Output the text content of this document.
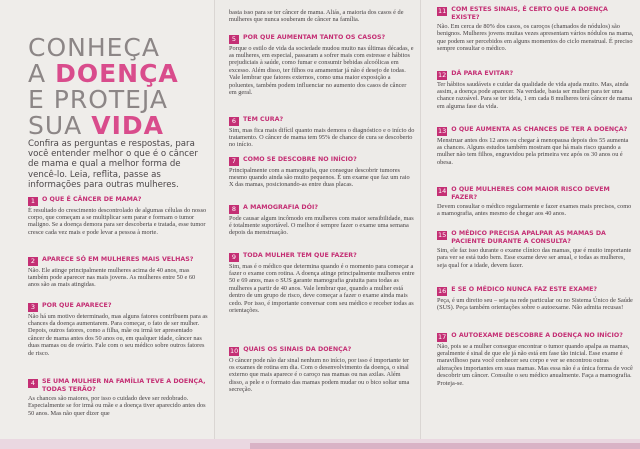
CONHEÇA
A DOENÇA
E PROTEJA
SUA VIDA

Confira as perguntas e respostas, para você entender melhor o que é o câncer de mama e qual a melhor forma de vencê-lo. Leia, reflita, passe as informações para outras mulheres.

1	O QUE É CÂNCER DE MAMA?
É resultado do crescimento descontrolado de algumas células do nosso corpo, que começam a se multiplicar sem parar e formam o tumor maligno. Se a doença demora para ser descoberta e tratada, esse tumor cresce cada vez mais e pode levar a pessoa à morte.
2	APARECE SÓ EM MULHERES MAIS VELHAS?
Não. Ele atinge principalmente mulheres acima de 40 anos, mas também pode aparecer nas mais jovens. As mulheres entre 50 e 60 anos são as mais atingidas.
3	POR QUE APARECE?
Não há um motivo determinado, mas alguns fatores contribuem para as chances da doença aumentarem. Para começar, o fato de ser mulher. Depois, outros fatores, como a filha, mãe ou irmã ter apresentado câncer de mama antes dos 50 anos ou, em qualquer idade, câncer nas duas mamas ou de ovário. Fale com o seu médico sobre outros fatores de risco.
4	SE UMA MULHER NA FAMÍLIA TEVE A DOENÇA, TODAS TERÃO?
As chances são maiores, por isso o cuidado deve ser redobrado. Especialmente se for irmã ou mãe e a doença tiver aparecido antes dos 50 anos. Mas não quer dizer que
basta isso para se ter câncer de mama. Aliás, a maioria dos casos é de mulheres que nunca souberam de câncer na família.
5	POR QUE AUMENTAM TANTO OS CASOS?
Porque o estilo de vida da sociedade mudou muito nas últimas décadas, e as mulheres, em especial, passaram a sofrer mais com estresse e hábitos prejudiciais à saúde, como fumar e consumir bebidas alcoólicas em excesso. Além disso, ter filhos ou amamentar já não é desejo de todas. Vale lembrar que fatores externos, como uma maior exposição a poluentes, também podem influenciar no aumento dos casos de câncer em geral.
6	TEM CURA?
Sim, mas fica mais difícil quanto mais demora o diagnóstico e o início do tratamento. O câncer de mama tem 95% de chance de cura se descoberto no início.
7	COMO SE DESCOBRE NO INÍCIO?
Principalmente com a mamografia, que consegue descobrir tumores mesmo quando ainda são muito pequenos. É um exame que faz um raio X das mamas, posicionando-as entre duas placas.
8	A MAMOGRAFIA DÓI?
Pode causar algum incômodo em mulheres com maior sensibilidade, mas é totalmente suportável. O melhor é sempre fazer o exame uma semana depois da menstruação.
9	TODA MULHER TEM QUE FAZER?
Sim, mas é o médico que determina quando é o momento para começar a fazer o exame com rotina. A doença atinge principalmente mulheres entre 50 e 69 anos, mas o SUS garante mamografia gratuita para todas as mulheres a partir de 40 anos. Vale lembrar que, quando a mulher está dentro de um grupo de risco, deve começar a fazer o exame ainda mais cedo. Por isso, é importante conversar com seu médico e receber todas as orientações.
10 QUAIS OS SINAIS DA DOENÇA?
O câncer pode não dar sinal nenhum no início, por isso é importante ter os exames de rotina em dia. Com o desenvolvimento da doença, o sinal externo que mais aparece é o caroço nas mamas ou nas axilas. Além disso, a pele e o formato das mamas podem mudar ou o bico soltar uma secreção.
11 COM ESTES SINAIS, É CERTO QUE A DOENÇA EXISTE?
Não. Em cerca de 80% dos casos, os caroços (chamados de nódulos) são benignos. Mulheres jovens muitas vezes apresentam vários nódulos na mama, que podem ser percebidos em alguns momentos do ciclo menstrual. É preciso sempre consultar o médico.
12 DÁ PARA EVITAR?
Ter hábitos saudáveis e cuidar da qualidade de vida ajuda muito. Mas, ainda assim, a doença pode aparecer. Na verdade, basta ser mulher para ter uma chance razoável. Para se ter ideia, 1 em cada 8 mulheres terá câncer de mama em alguma fase da vida.
13 O QUE AUMENTA AS CHANCES DE TER A DOENÇA?
Menstruar antes dos 12 anos ou chegar à menopausa depois dos 55 aumenta as chances. Alguns estudos também mostram que há mais risco quando a mulher não tem filhos, engravidou pela primeira vez após os 30 anos ou é obesa.
14 O QUE MULHERES COM MAIOR RISCO DEVEM FAZER?
Devem consultar o médico regularmente e fazer exames mais precisos, como a mamografia, antes mesmo de chegar aos 40 anos.
15 O MÉDICO PRECISA APALPAR AS MAMAS DA PACIENTE DURANTE A CONSULTA?
Sim, ele faz isso durante o exame clínico das mamas, que é muito importante para ver se está tudo bem. Esse exame deve ser anual, e todas as mulheres, seja qual for a idade, devem fazer.
16 E SE O MÉDICO NUNCA FAZ ESTE EXAME?
Peça, é um direito seu – seja na rede particular ou no Sistema Único de Saúde (SUS). Peça também orientações sobre o autoexame. Não admita recusas!
17 O AUTOEXAME DESCOBRE A DOENÇA NO INÍCIO?
Não, pois se a mulher consegue encontrar o tumor quando apalpa as mamas, geralmente é sinal de que ele já não está em fase tão inicial. Esse exame é maravilhoso para você conhecer seu corpo e ver se encontrou outras alterações importantes em suas mamas. Mas essa não é a única forma de você descobrir um câncer. Consulte o seu médico anualmente. Faça a mamografia. Proteja-se.
